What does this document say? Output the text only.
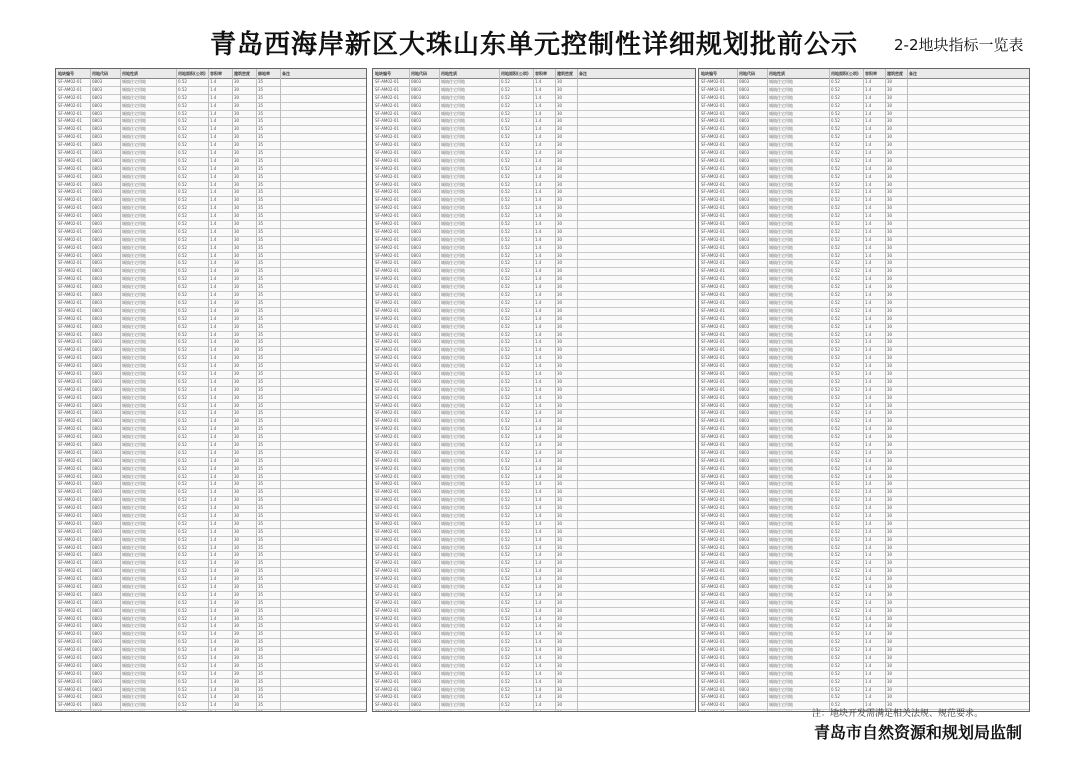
青岛西海岸新区大珠山东单元控制性详细规划批前公示 2-2地块指标一览表
地块编号	用地代码	用地性质	用地面积(公顷)	容积率	建筑密度	绿地率	备注
SF-AM02-01	0803	城镇住宅用地	0.52	1.4	30	35
SF-AM02-01	0803	城镇住宅用地	0.52	1.4	30	35
SF-AM02-01	0803	城镇住宅用地	0.52	1.4	30	35
SF-AM02-01	0803	城镇住宅用地	0.52	1.4	30	35
SF-AM02-01	0803	城镇住宅用地	0.52	1.4	30	35
SF-AM02-01	0803	城镇住宅用地	0.52	1.4	30	35
SF-AM02-01	0803	城镇住宅用地	0.52	1.4	30	35
SF-AM02-01	0803	城镇住宅用地	0.52	1.4	30	35
SF-AM02-01	0803	城镇住宅用地	0.52	1.4	30	35
SF-AM02-01	0803	城镇住宅用地	0.52	1.4	30	35
SF-AM02-01	0803	城镇住宅用地	0.52	1.4	30	35
SF-AM02-01	0803	城镇住宅用地	0.52	1.4	30	35
SF-AM02-01	0803	城镇住宅用地	0.52	1.4	30	35
SF-AM02-01	0803	城镇住宅用地	0.52	1.4	30	35
SF-AM02-01	0803	城镇住宅用地	0.52	1.4	30	35
SF-AM02-01	0803	城镇住宅用地	0.52	1.4	30	35
SF-AM02-01	0803	城镇住宅用地	0.52	1.4	30	35
SF-AM02-01	0803	城镇住宅用地	0.52	1.4	30	35
SF-AM02-01	0803	城镇住宅用地	0.52	1.4	30	35
SF-AM02-01	0803	城镇住宅用地	0.52	1.4	30	35
SF-AM02-01	0803	城镇住宅用地	0.52	1.4	30	35
SF-AM02-01	0803	城镇住宅用地	0.52	1.4	30	35
SF-AM02-01	0803	城镇住宅用地	0.52	1.4	30	35
SF-AM02-01	0803	城镇住宅用地	0.52	1.4	30	35
SF-AM02-01	0803	城镇住宅用地	0.52	1.4	30	35
SF-AM02-01	0803	城镇住宅用地	0.52	1.4	30	35
SF-AM02-01	0803	城镇住宅用地	0.52	1.4	30	35
SF-AM02-01	0803	城镇住宅用地	0.52	1.4	30	35
SF-AM02-01	0803	城镇住宅用地	0.52	1.4	30	35
SF-AM02-01	0803	城镇住宅用地	0.52	1.4	30	35
SF-AM02-01	0803	城镇住宅用地	0.52	1.4	30	35
SF-AM02-01	0803	城镇住宅用地	0.52	1.4	30	35
SF-AM02-01	0803	城镇住宅用地	0.52	1.4	30	35
SF-AM02-01	0803	城镇住宅用地	0.52	1.4	30	35
SF-AM02-01	0803	城镇住宅用地	0.52	1.4	30	35
SF-AM02-01	0803	城镇住宅用地	0.52	1.4	30	35
SF-AM02-01	0803	城镇住宅用地	0.52	1.4	30	35
SF-AM02-01	0803	城镇住宅用地	0.52	1.4	30	35
SF-AM02-01	0803	城镇住宅用地	0.52	1.4	30	35
SF-AM02-01	0803	城镇住宅用地	0.52	1.4	30	35
SF-AM02-01	0803	城镇住宅用地	0.52	1.4	30	35
SF-AM02-01	0803	城镇住宅用地	0.52	1.4	30	35
SF-AM02-01	0803	城镇住宅用地	0.52	1.4	30	35
SF-AM02-01	0803	城镇住宅用地	0.52	1.4	30	35
SF-AM02-01	0803	城镇住宅用地	0.52	1.4	30	35
SF-AM02-01	0803	城镇住宅用地	0.52	1.4	30	35
SF-AM02-01	0803	城镇住宅用地	0.52	1.4	30	35
SF-AM02-01	0803	城镇住宅用地	0.52	1.4	30	35
SF-AM02-01	0803	城镇住宅用地	0.52	1.4	30	35
SF-AM02-01	0803	城镇住宅用地	0.52	1.4	30	35
SF-AM02-01	0803	城镇住宅用地	0.52	1.4	30	35
SF-AM02-01	0803	城镇住宅用地	0.52	1.4	30	35
SF-AM02-01	0803	城镇住宅用地	0.52	1.4	30	35
SF-AM02-01	0803	城镇住宅用地	0.52	1.4	30	35
SF-AM02-01	0803	城镇住宅用地	0.52	1.4	30	35
SF-AM02-01	0803	城镇住宅用地	0.52	1.4	30	35
SF-AM02-01	0803	城镇住宅用地	0.52	1.4	30	35
SF-AM02-01	0803	城镇住宅用地	0.52	1.4	30	35
SF-AM02-01	0803	城镇住宅用地	0.52	1.4	30	35
SF-AM02-01	0803	城镇住宅用地	0.52	1.4	30	35
SF-AM02-01	0803	城镇住宅用地	0.52	1.4	30	35
SF-AM02-01	0803	城镇住宅用地	0.52	1.4	30	35
SF-AM02-01	0803	城镇住宅用地	0.52	1.4	30	35
SF-AM02-01	0803	城镇住宅用地	0.52	1.4	30	35
SF-AM02-01	0803	城镇住宅用地	0.52	1.4	30	35
SF-AM02-01	0803	城镇住宅用地	0.52	1.4	30	35
SF-AM02-01	0803	城镇住宅用地	0.52	1.4	30	35
SF-AM02-01	0803	城镇住宅用地	0.52	1.4	30	35
SF-AM02-01	0803	城镇住宅用地	0.52	1.4	30	35
SF-AM02-01	0803	城镇住宅用地	0.52	1.4	30	35
SF-AM02-01	0803	城镇住宅用地	0.52	1.4	30	35
SF-AM02-01	0803	城镇住宅用地	0.52	1.4	30	35
SF-AM02-01	0803	城镇住宅用地	0.52	1.4	30	35
SF-AM02-01	0803	城镇住宅用地	0.52	1.4	30	35
SF-AM02-01	0803	城镇住宅用地	0.52	1.4	30	35
SF-AM02-01	0803	城镇住宅用地	0.52	1.4	30	35
SF-AM02-01	0803	城镇住宅用地	0.52	1.4	30	35
SF-AM02-01	0803	城镇住宅用地	0.52	1.4	30	35
SF-AM02-01	0803	城镇住宅用地	0.52	1.4	30	35
SF-AM02-01	0803	城镇住宅用地	0.52	1.4	30	35
地块编号	用地代码	用地性质	用地面积(公顷)	容积率	建筑密度	备注
SF-AM02-01	0803	城镇住宅用地	0.52	1.4	30
SF-AM02-01	0803	城镇住宅用地	0.52	1.4	30
SF-AM02-01	0803	城镇住宅用地	0.52	1.4	30
SF-AM02-01	0803	城镇住宅用地	0.52	1.4	30
SF-AM02-01	0803	城镇住宅用地	0.52	1.4	30
SF-AM02-01	0803	城镇住宅用地	0.52	1.4	30
SF-AM02-01	0803	城镇住宅用地	0.52	1.4	30
SF-AM02-01	0803	城镇住宅用地	0.52	1.4	30
SF-AM02-01	0803	城镇住宅用地	0.52	1.4	30
SF-AM02-01	0803	城镇住宅用地	0.52	1.4	30
SF-AM02-01	0803	城镇住宅用地	0.52	1.4	30
SF-AM02-01	0803	城镇住宅用地	0.52	1.4	30
SF-AM02-01	0803	城镇住宅用地	0.52	1.4	30
SF-AM02-01	0803	城镇住宅用地	0.52	1.4	30
SF-AM02-01	0803	城镇住宅用地	0.52	1.4	30
SF-AM02-01	0803	城镇住宅用地	0.52	1.4	30
SF-AM02-01	0803	城镇住宅用地	0.52	1.4	30
SF-AM02-01	0803	城镇住宅用地	0.52	1.4	30
SF-AM02-01	0803	城镇住宅用地	0.52	1.4	30
SF-AM02-01	0803	城镇住宅用地	0.52	1.4	30
SF-AM02-01	0803	城镇住宅用地	0.52	1.4	30
SF-AM02-01	0803	城镇住宅用地	0.52	1.4	30
SF-AM02-01	0803	城镇住宅用地	0.52	1.4	30
SF-AM02-01	0803	城镇住宅用地	0.52	1.4	30
SF-AM02-01	0803	城镇住宅用地	0.52	1.4	30
SF-AM02-01	0803	城镇住宅用地	0.52	1.4	30
SF-AM02-01	0803	城镇住宅用地	0.52	1.4	30
SF-AM02-01	0803	城镇住宅用地	0.52	1.4	30
SF-AM02-01	0803	城镇住宅用地	0.52	1.4	30
SF-AM02-01	0803	城镇住宅用地	0.52	1.4	30
SF-AM02-01	0803	城镇住宅用地	0.52	1.4	30
SF-AM02-01	0803	城镇住宅用地	0.52	1.4	30
SF-AM02-01	0803	城镇住宅用地	0.52	1.4	30
SF-AM02-01	0803	城镇住宅用地	0.52	1.4	30
SF-AM02-01	0803	城镇住宅用地	0.52	1.4	30
SF-AM02-01	0803	城镇住宅用地	0.52	1.4	30
SF-AM02-01	0803	城镇住宅用地	0.52	1.4	30
SF-AM02-01	0803	城镇住宅用地	0.52	1.4	30
SF-AM02-01	0803	城镇住宅用地	0.52	1.4	30
SF-AM02-01	0803	城镇住宅用地	0.52	1.4	30
SF-AM02-01	0803	城镇住宅用地	0.52	1.4	30
SF-AM02-01	0803	城镇住宅用地	0.52	1.4	30
SF-AM02-01	0803	城镇住宅用地	0.52	1.4	30
SF-AM02-01	0803	城镇住宅用地	0.52	1.4	30
SF-AM02-01	0803	城镇住宅用地	0.52	1.4	30
SF-AM02-01	0803	城镇住宅用地	0.52	1.4	30
SF-AM02-01	0803	城镇住宅用地	0.52	1.4	30
SF-AM02-01	0803	城镇住宅用地	0.52	1.4	30
SF-AM02-01	0803	城镇住宅用地	0.52	1.4	30
SF-AM02-01	0803	城镇住宅用地	0.52	1.4	30
SF-AM02-01	0803	城镇住宅用地	0.52	1.4	30
SF-AM02-01	0803	城镇住宅用地	0.52	1.4	30
SF-AM02-01	0803	城镇住宅用地	0.52	1.4	30
SF-AM02-01	0803	城镇住宅用地	0.52	1.4	30
SF-AM02-01	0803	城镇住宅用地	0.52	1.4	30
SF-AM02-01	0803	城镇住宅用地	0.52	1.4	30
SF-AM02-01	0803	城镇住宅用地	0.52	1.4	30
SF-AM02-01	0803	城镇住宅用地	0.52	1.4	30
SF-AM02-01	0803	城镇住宅用地	0.52	1.4	30
SF-AM02-01	0803	城镇住宅用地	0.52	1.4	30
SF-AM02-01	0803	城镇住宅用地	0.52	1.4	30
SF-AM02-01	0803	城镇住宅用地	0.52	1.4	30
SF-AM02-01	0803	城镇住宅用地	0.52	1.4	30
SF-AM02-01	0803	城镇住宅用地	0.52	1.4	30
SF-AM02-01	0803	城镇住宅用地	0.52	1.4	30
SF-AM02-01	0803	城镇住宅用地	0.52	1.4	30
SF-AM02-01	0803	城镇住宅用地	0.52	1.4	30
SF-AM02-01	0803	城镇住宅用地	0.52	1.4	30
SF-AM02-01	0803	城镇住宅用地	0.52	1.4	30
SF-AM02-01	0803	城镇住宅用地	0.52	1.4	30
SF-AM02-01	0803	城镇住宅用地	0.52	1.4	30
SF-AM02-01	0803	城镇住宅用地	0.52	1.4	30
SF-AM02-01	0803	城镇住宅用地	0.52	1.4	30
SF-AM02-01	0803	城镇住宅用地	0.52	1.4	30
SF-AM02-01	0803	城镇住宅用地	0.52	1.4	30
SF-AM02-01	0803	城镇住宅用地	0.52	1.4	30
SF-AM02-01	0803	城镇住宅用地	0.52	1.4	30
SF-AM02-01	0803	城镇住宅用地	0.52	1.4	30
SF-AM02-01	0803	城镇住宅用地	0.52	1.4	30
SF-AM02-01	0803	城镇住宅用地	0.52	1.4	30
地块编号	用地代码	用地性质	用地面积(公顷)	容积率	建筑密度	备注
SF-AM02-01	0803	城镇住宅用地	0.52	1.4	30
SF-AM02-01	0803	城镇住宅用地	0.52	1.4	30
SF-AM02-01	0803	城镇住宅用地	0.52	1.4	30
SF-AM02-01	0803	城镇住宅用地	0.52	1.4	30
SF-AM02-01	0803	城镇住宅用地	0.52	1.4	30
SF-AM02-01	0803	城镇住宅用地	0.52	1.4	30
SF-AM02-01	0803	城镇住宅用地	0.52	1.4	30
SF-AM02-01	0803	城镇住宅用地	0.52	1.4	30
SF-AM02-01	0803	城镇住宅用地	0.52	1.4	30
SF-AM02-01	0803	城镇住宅用地	0.52	1.4	30
SF-AM02-01	0803	城镇住宅用地	0.52	1.4	30
SF-AM02-01	0803	城镇住宅用地	0.52	1.4	30
SF-AM02-01	0803	城镇住宅用地	0.52	1.4	30
SF-AM02-01	0803	城镇住宅用地	0.52	1.4	30
SF-AM02-01	0803	城镇住宅用地	0.52	1.4	30
SF-AM02-01	0803	城镇住宅用地	0.52	1.4	30
SF-AM02-01	0803	城镇住宅用地	0.52	1.4	30
SF-AM02-01	0803	城镇住宅用地	0.52	1.4	30
SF-AM02-01	0803	城镇住宅用地	0.52	1.4	30
SF-AM02-01	0803	城镇住宅用地	0.52	1.4	30
SF-AM02-01	0803	城镇住宅用地	0.52	1.4	30
SF-AM02-01	0803	城镇住宅用地	0.52	1.4	30
SF-AM02-01	0803	城镇住宅用地	0.52	1.4	30
SF-AM02-01	0803	城镇住宅用地	0.52	1.4	30
SF-AM02-01	0803	城镇住宅用地	0.52	1.4	30
SF-AM02-01	0803	城镇住宅用地	0.52	1.4	30
SF-AM02-01	0803	城镇住宅用地	0.52	1.4	30
SF-AM02-01	0803	城镇住宅用地	0.52	1.4	30
SF-AM02-01	0803	城镇住宅用地	0.52	1.4	30
SF-AM02-01	0803	城镇住宅用地	0.52	1.4	30
SF-AM02-01	0803	城镇住宅用地	0.52	1.4	30
SF-AM02-01	0803	城镇住宅用地	0.52	1.4	30
SF-AM02-01	0803	城镇住宅用地	0.52	1.4	30
SF-AM02-01	0803	城镇住宅用地	0.52	1.4	30
SF-AM02-01	0803	城镇住宅用地	0.52	1.4	30
SF-AM02-01	0803	城镇住宅用地	0.52	1.4	30
SF-AM02-01	0803	城镇住宅用地	0.52	1.4	30
SF-AM02-01	0803	城镇住宅用地	0.52	1.4	30
SF-AM02-01	0803	城镇住宅用地	0.52	1.4	30
SF-AM02-01	0803	城镇住宅用地	0.52	1.4	30
SF-AM02-01	0803	城镇住宅用地	0.52	1.4	30
SF-AM02-01	0803	城镇住宅用地	0.52	1.4	30
SF-AM02-01	0803	城镇住宅用地	0.52	1.4	30
SF-AM02-01	0803	城镇住宅用地	0.52	1.4	30
SF-AM02-01	0803	城镇住宅用地	0.52	1.4	30
SF-AM02-01	0803	城镇住宅用地	0.52	1.4	30
SF-AM02-01	0803	城镇住宅用地	0.52	1.4	30
SF-AM02-01	0803	城镇住宅用地	0.52	1.4	30
SF-AM02-01	0803	城镇住宅用地	0.52	1.4	30
SF-AM02-01	0803	城镇住宅用地	0.52	1.4	30
SF-AM02-01	0803	城镇住宅用地	0.52	1.4	30
SF-AM02-01	0803	城镇住宅用地	0.52	1.4	30
SF-AM02-01	0803	城镇住宅用地	0.52	1.4	30
SF-AM02-01	0803	城镇住宅用地	0.52	1.4	30
SF-AM02-01	0803	城镇住宅用地	0.52	1.4	30
SF-AM02-01	0803	城镇住宅用地	0.52	1.4	30
SF-AM02-01	0803	城镇住宅用地	0.52	1.4	30
SF-AM02-01	0803	城镇住宅用地	0.52	1.4	30
SF-AM02-01	0803	城镇住宅用地	0.52	1.4	30
SF-AM02-01	0803	城镇住宅用地	0.52	1.4	30
SF-AM02-01	0803	城镇住宅用地	0.52	1.4	30
SF-AM02-01	0803	城镇住宅用地	0.52	1.4	30
SF-AM02-01	0803	城镇住宅用地	0.52	1.4	30
SF-AM02-01	0803	城镇住宅用地	0.52	1.4	30
SF-AM02-01	0803	城镇住宅用地	0.52	1.4	30
SF-AM02-01	0803	城镇住宅用地	0.52	1.4	30
SF-AM02-01	0803	城镇住宅用地	0.52	1.4	30
SF-AM02-01	0803	城镇住宅用地	0.52	1.4	30
SF-AM02-01	0803	城镇住宅用地	0.52	1.4	30
SF-AM02-01	0803	城镇住宅用地	0.52	1.4	30
SF-AM02-01	0803	城镇住宅用地	0.52	1.4	30
SF-AM02-01	0803	城镇住宅用地	0.52	1.4	30
SF-AM02-01	0803	城镇住宅用地	0.52	1.4	30
SF-AM02-01	0803	城镇住宅用地	0.52	1.4	30
SF-AM02-01	0803	城镇住宅用地	0.52	1.4	30
SF-AM02-01	0803	城镇住宅用地	0.52	1.4	30
SF-AM02-01	0803	城镇住宅用地	0.52	1.4	30
SF-AM02-01	0803	城镇住宅用地	0.52	1.4	30
SF-AM02-01	0803	城镇住宅用地	0.52	1.4	30
SF-AM02-01	0803	城镇住宅用地	0.52	1.4	30
注：地块开发需满足相关法规、规范要求。
青岛市自然资源和规划局监制
